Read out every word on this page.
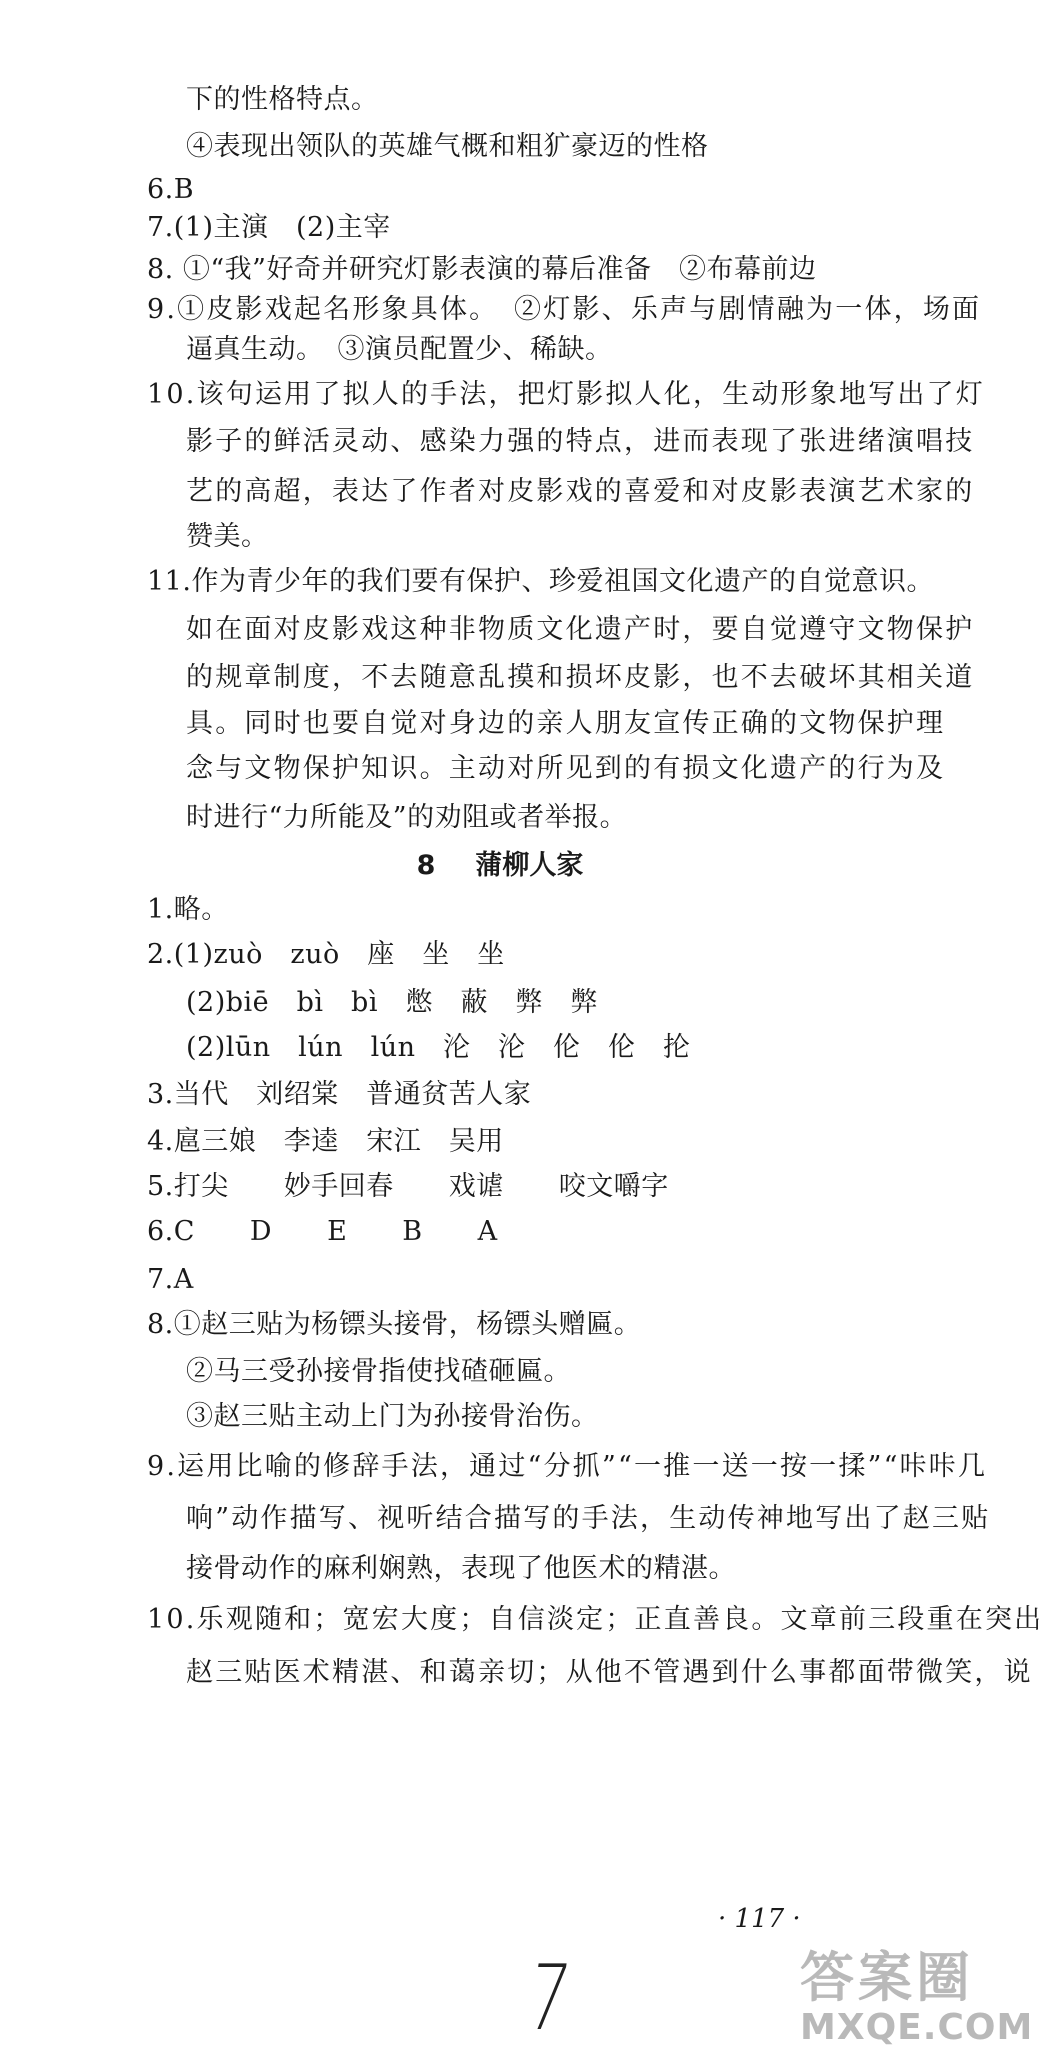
下的性格特点。
④表现出领队的英雄气概和粗犷豪迈的性格
6.B
7.(1)主演　(2)主宰
8. ①“我”好奇并研究灯影表演的幕后准备　②布幕前边
9.①皮影戏起名形象具体。　②灯影、乐声与剧情融为一体，场面
逼真生动。　③演员配置少、稀缺。
10.该句运用了拟人的手法，把灯影拟人化，生动形象地写出了灯
影子的鲜活灵动、感染力强的特点，进而表现了张进绪演唱技
艺的高超，表达了作者对皮影戏的喜爱和对皮影表演艺术家的
赞美。
11.作为青少年的我们要有保护、珍爱祖国文化遗产的自觉意识。
如在面对皮影戏这种非物质文化遗产时，要自觉遵守文物保护
的规章制度，不去随意乱摸和损坏皮影，也不去破坏其相关道
具。同时也要自觉对身边的亲人朋友宣传正确的文物保护理
念与文物保护知识。主动对所见到的有损文化遗产的行为及
时进行“力所能及”的劝阻或者举报。
8 蒲柳人家
1.略。
2.(1)zuò　zuò　座　坐　坐
(2)biē　bì　bì　憋　蔽　弊　弊
(2)lūn　lún　lún　沦　沦　伦　伦　抡
3.当代　刘绍棠　普通贫苦人家
4.扈三娘　李逵　宋江　吴用
5.打尖　　妙手回春　　戏谑　　咬文嚼字
6.C　　D　　E　　B　　A
7.A
8.①赵三贴为杨镖头接骨，杨镖头赠匾。
②马三受孙接骨指使找碴砸匾。
③赵三贴主动上门为孙接骨治伤。
9.运用比喻的修辞手法，通过“分抓”“一推一送一按一揉”“咔咔几
响”动作描写、视听结合描写的手法，生动传神地写出了赵三贴
接骨动作的麻利娴熟，表现了他医术的精湛。
10.乐观随和；宽宏大度；自信淡定；正直善良。文章前三段重在突出
赵三贴医术精湛、和蔼亲切；从他不管遇到什么事都面带微笑，说
· 117 ·
7	答案圈
MXQE.COM
